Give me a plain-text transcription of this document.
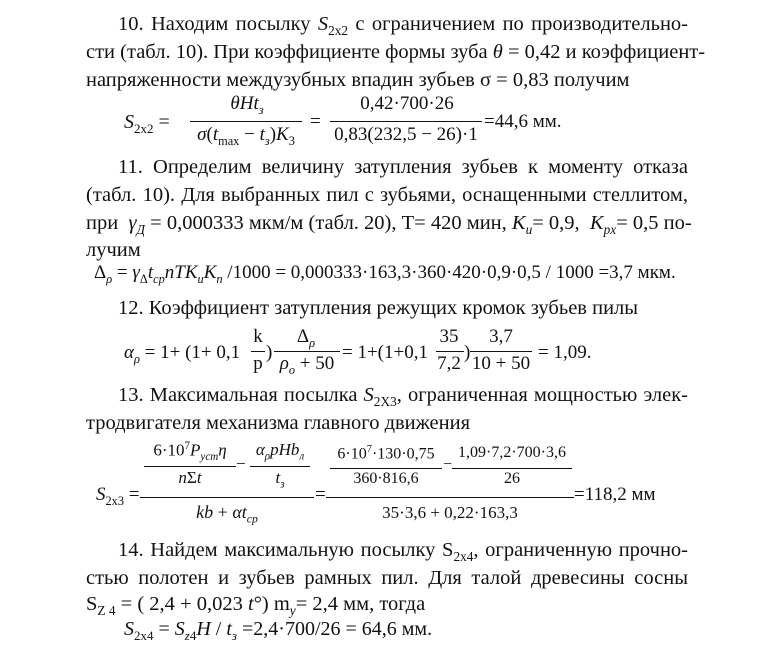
10. Находим посылку $S_{2x2}$ с ограничением по производительно-
сти (табл. 10). При коэффициенте формы зуба θ = 0,42 и коэффициент-
напряженности междузубных впадин зубьев σ = 0,83 получим
$S_{2x2}$ =
θHt$_з$
$\sigma(t_{max} - t_з)K_3$
=
0,42·700·26
0,83(232,5 − 26)·1
=44,6 мм.
11. Определим величину затупления зубьев к моменту отказа
(табл. 10). Для выбранных пил с зубьями, оснащенными стеллитом,
при  $\gamma_Д = 0,000333$ мкм/м (табл. 20), T= 420 мин, $K_и= 0,9$,  $K_{px}= 0,5$ по-
лучим
$\Delta_\rho = \gamma_\Delta t_{ср}nTK_иK_п$ /1000 = 0,000333·163,3·360·420·0,9·0,5 / 1000 =3,7 мкм.
12. Коэффициент затупления режущих кромок зубьев пилы
$\alpha_\rho = 1+ (1+ 0,1$
k
p
)
$\Delta_\rho$
$\rho_o + 50$
= 1+(1+0,1
35
7,2
)
3,7
10 + 50
= 1,09.
13. Максимальная посылка $S_{2X3}$, ограниченная мощностью элек-
тродвигателя механизма главного движения
$S_{2x3}$ =
$6\cdot 10^7P_{уст}\eta$
nΣt
−
$\alpha_\rho pHb_л$
$t_з$
kb + $\alpha t_{ср}$
=
$6\cdot 10^7\cdot 130\cdot 0,75$
360·816,6
−
1,09·7,2·700·3,6
26
35·3,6 + 0,22·163,3
=118,2 мм
14. Найдем максимальную посылку $S_{2x4}$, ограниченную прочно-
стью полотен и зубьев рамных пил. Для талой древесины сосны
$S_{Z 4}$ = ( 2,4 + 0,023 t°) $m_у= 2,4$ мм, тогда
$S_{2x4} = S_{z4}H / t_з =2,4\cdot 700/26 = 64,6$ мм.
